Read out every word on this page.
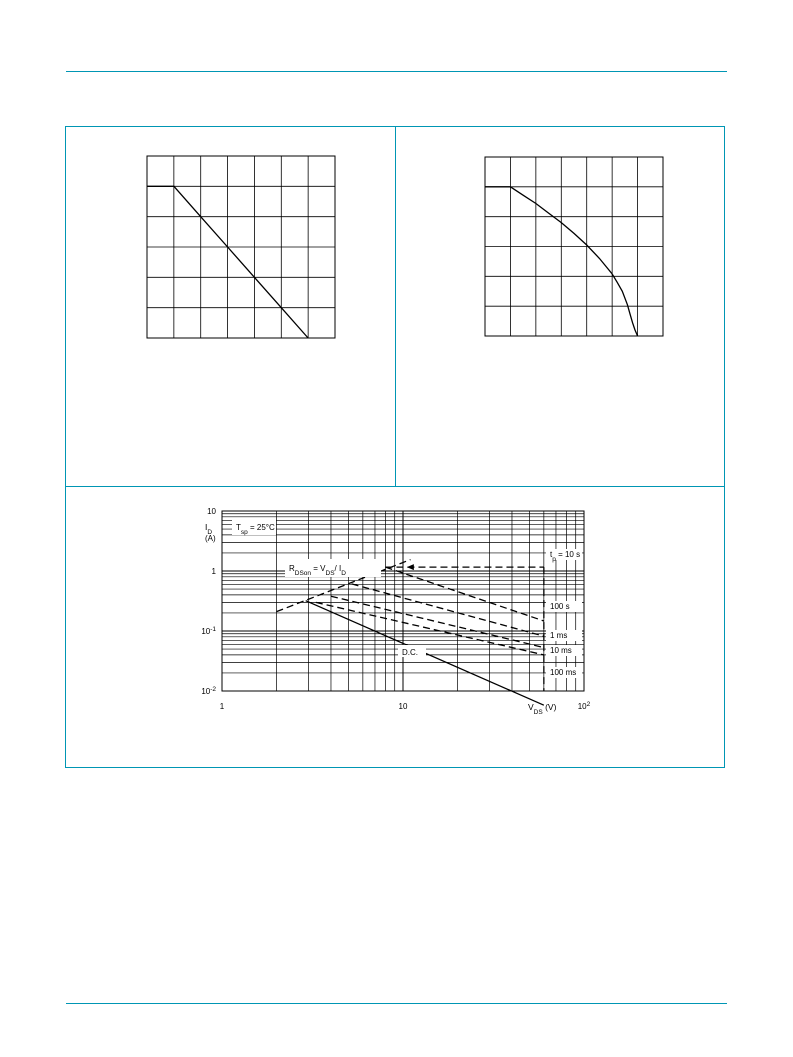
$t_p = 10$ s
100 s
1 ms
10 ms
100 ms
D.C.
$T_{sp} = 25^\circ C$
$R_{DSon} = V_{DS}/$ $I_D$
$I_D$
(A)
10
1
$10^{-1}$
$10^{-2}$
1	10	$10^2$
$V_{DS}$ (V)
